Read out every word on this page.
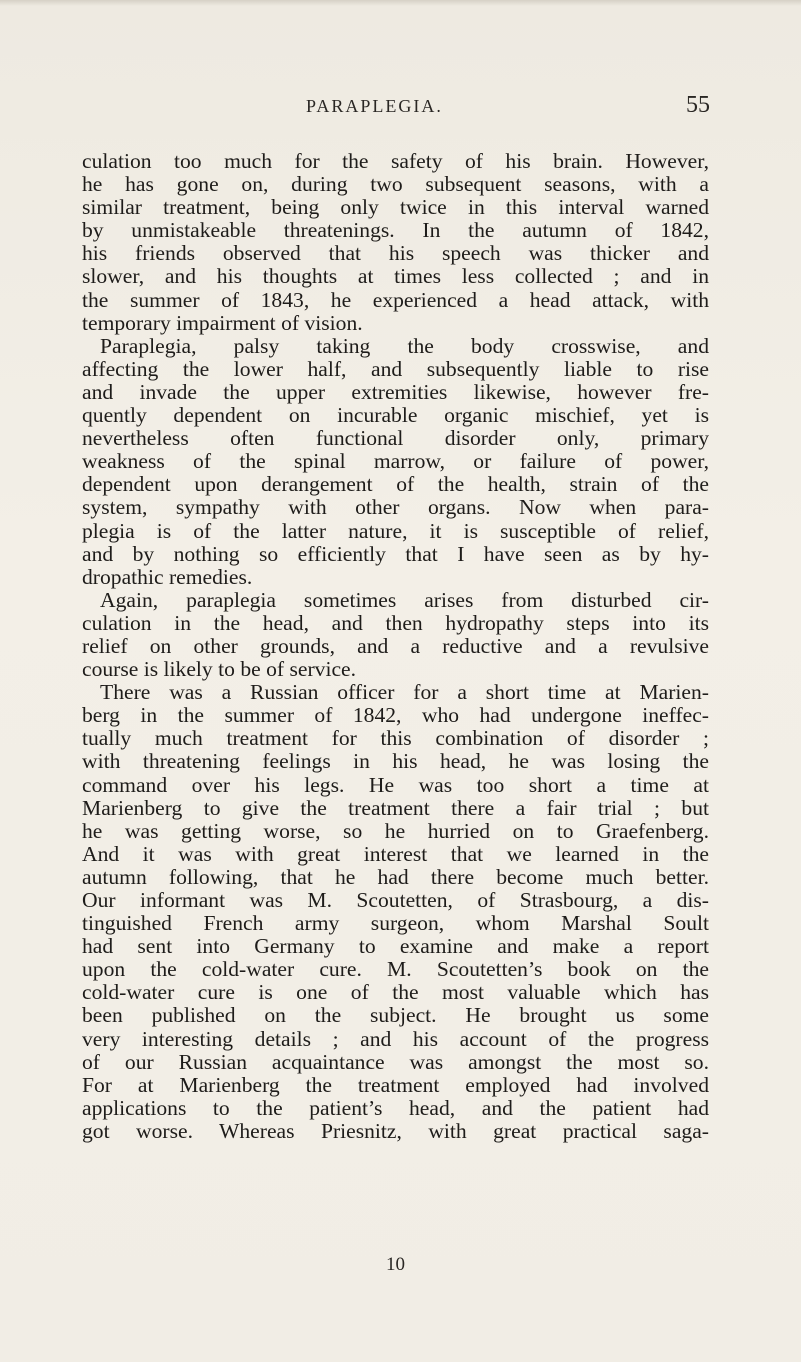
PARAPLEGIA.	55
culation too much for the safety of his brain. However,
he has gone on, during two subsequent seasons, with a
similar treatment, being only twice in this interval warned
by unmistakeable threatenings. In the autumn of 1842,
his friends observed that his speech was thicker and
slower, and his thoughts at times less collected ; and in
the summer of 1843, he experienced a head attack, with
temporary impairment of vision.
Paraplegia, palsy taking the body crosswise, and
affecting the lower half, and subsequently liable to rise
and invade the upper extremities likewise, however fre-
quently dependent on incurable organic mischief, yet is
nevertheless often functional disorder only, primary
weakness of the spinal marrow, or failure of power,
dependent upon derangement of the health, strain of the
system, sympathy with other organs. Now when para-
plegia is of the latter nature, it is susceptible of relief,
and by nothing so efficiently that I have seen as by hy-
dropathic remedies.
Again, paraplegia sometimes arises from disturbed cir-
culation in the head, and then hydropathy steps into its
relief on other grounds, and a reductive and a revulsive
course is likely to be of service.
There was a Russian officer for a short time at Marien-
berg in the summer of 1842, who had undergone ineffec-
tually much treatment for this combination of disorder ;
with threatening feelings in his head, he was losing the
command over his legs. He was too short a time at
Marienberg to give the treatment there a fair trial ; but
he was getting worse, so he hurried on to Graefenberg.
And it was with great interest that we learned in the
autumn following, that he had there become much better.
Our informant was M. Scoutetten, of Strasbourg, a dis-
tinguished French army surgeon, whom Marshal Soult
had sent into Germany to examine and make a report
upon the cold-water cure. M. Scoutetten’s book on the
cold-water cure is one of the most valuable which has
been published on the subject. He brought us some
very interesting details ; and his account of the progress
of our Russian acquaintance was amongst the most so.
For at Marienberg the treatment employed had involved
applications to the patient’s head, and the patient had
got worse. Whereas Priesnitz, with great practical saga-
10
